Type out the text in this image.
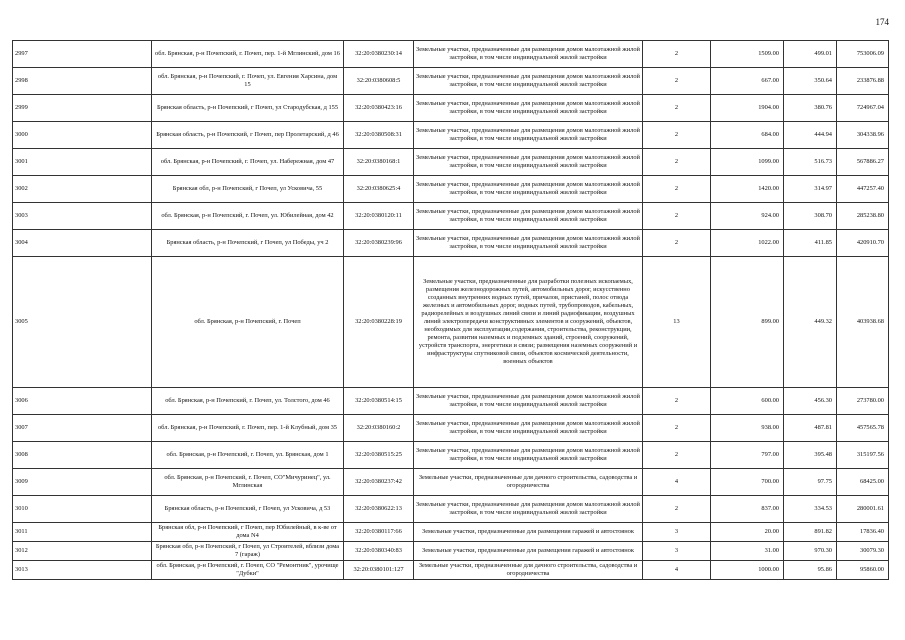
174
2997	обл. Брянская, р-н Почепский, г. Почеп, пер. 1-й Мглинский, дом 16	32:20:0380230:14	Земельные участки, предназначенные для размещения домов малоэтажной жилой застройки, в том числе индивидуальной жилой застройки	2	1509.00	499.01	753006.09
2998	обл. Брянская, р-н Почепский, г. Почеп, ул. Евгения Харсина, дом 15	32:20:0380608:5	Земельные участки, предназначенные для размещения домов малоэтажной жилой застройки, в том числе индивидуальной жилой застройки	2	667.00	350.64	233876.88
2999	Брянская область, р-н Почепский, г Почеп, ул Стародубская, д 155	32:20:0380423:16	Земельные участки, предназначенные для размещения домов малоэтажной жилой застройки, в том числе индивидуальной жилой застройки	2	1904.00	380.76	724967.04
3000	Брянская область, р-н Почепский, г Почеп, пер Пролетарский, д 46	32:20:0380508:31	Земельные участки, предназначенные для размещения домов малоэтажной жилой застройки, в том числе индивидуальной жилой застройки	2	684.00	444.94	304338.96
3001	обл. Брянская, р-н Почепский, г. Почеп, ул. Набережная, дом 47	32:20:0380168:1	Земельные участки, предназначенные для размещения домов малоэтажной жилой застройки, в том числе индивидуальной жилой застройки	2	1099.00	516.73	567886.27
3002	Брянская обл, р-н Почепский, г Почеп, ул Усковича, 55	32:20:0380625:4	Земельные участки, предназначенные для размещения домов малоэтажной жилой застройки, в том числе индивидуальной жилой застройки	2	1420.00	314.97	447257.40
3003	обл. Брянская, р-н Почепский, г. Почеп, ул. Юбилейная, дом 42	32:20:0380120:11	Земельные участки, предназначенные для размещения домов малоэтажной жилой застройки, в том числе индивидуальной жилой застройки	2	924.00	308.70	285238.80
3004	Брянская область, р-н Почепский, г Почеп, ул Победы, уч 2	32:20:0380239:96	Земельные участки, предназначенные для размещения домов малоэтажной жилой застройки, в том числе индивидуальной жилой застройки	2	1022.00	411.85	420910.70
3005	обл. Брянская, р-н Почепский, г. Почеп	32:20:0380228:19	Земельные участки, предназначенные для разработки полезных ископаемых, размещения железнодорожных путей, автомобильных дорог, искусственно созданных внутренних водных путей, причалов, пристаней, полос отвода железных и автомобильных дорог, водных путей, трубопроводов, кабельных, радиорелейных и воздушных линий связи и линий радиофикации, воздушных линий электропередачи конструктивных элементов и сооружений, объектов, необходимых для эксплуатации,содержания, строительства, реконструкции, ремонта, развития наземных и подземных зданий, строений, сооружений, устройств транспорта, энергетики и связи; размещения наземных сооружений и инфраструктуры спутниковой связи, объектов космической деятельности, военных объектов	13	899.00	449.32	403938.68
3006	обл. Брянская, р-н Почепский, г. Почеп, ул. Толстого, дом 46	32:20:0380514:15	Земельные участки, предназначенные для размещения домов малоэтажной жилой застройки, в том числе индивидуальной жилой застройки	2	600.00	456.30	273780.00
3007	обл. Брянская, р-н Почепский, г. Почеп, пер. 1-й Клубный, дом 35	32:20:0380160:2	Земельные участки, предназначенные для размещения домов малоэтажной жилой застройки, в том числе индивидуальной жилой застройки	2	938.00	487.81	457565.78
3008	обл. Брянская, р-н Почепский, г. Почеп, ул. Брянская, дом 1	32:20:0380515:25	Земельные участки, предназначенные для размещения домов малоэтажной жилой застройки, в том числе индивидуальной жилой застройки	2	797.00	395.48	315197.56
3009	обл. Брянская, р-н Почепский, г. Почеп, СО"Мичуринец", ул. Мглинская	32:20:0380237:42	Земельные участки, предназначенные для дачного строительства, садоводства и огородничества	4	700.00	97.75	68425.00
3010	Брянская область, р-н Почепский, г Почеп, ул Усковича, д 53	32:20:0380622:13	Земельные участки, предназначенные для размещения домов малоэтажной жилой застройки, в том числе индивидуальной жилой застройки	2	837.00	334.53	280001.61
3011	Брянская обл, р-н Почепский, г Почеп, пер Юбилейный, в к-ве от дома N4	32:20:0380117:66	Земельные участки, предназначенные для размещения гаражей и автостоянок	3	20.00	891.82	17836.40
3012	Брянская обл, р-н Почепский, г Почеп, ул Строителей, вблизи дома 7 (гараж)	32:20:0380340:83	Земельные участки, предназначенные для размещения гаражей и автостоянок	3	31.00	970.30	30079.30
3013	обл. Брянская, р-н Почепский, г. Почеп, СО "Ремонтник", урочище "Дубки"	32:20:0380101:127	Земельные участки, предназначенные для дачного строительства, садоводства и огородничества	4	1000.00	95.86	95860.00
